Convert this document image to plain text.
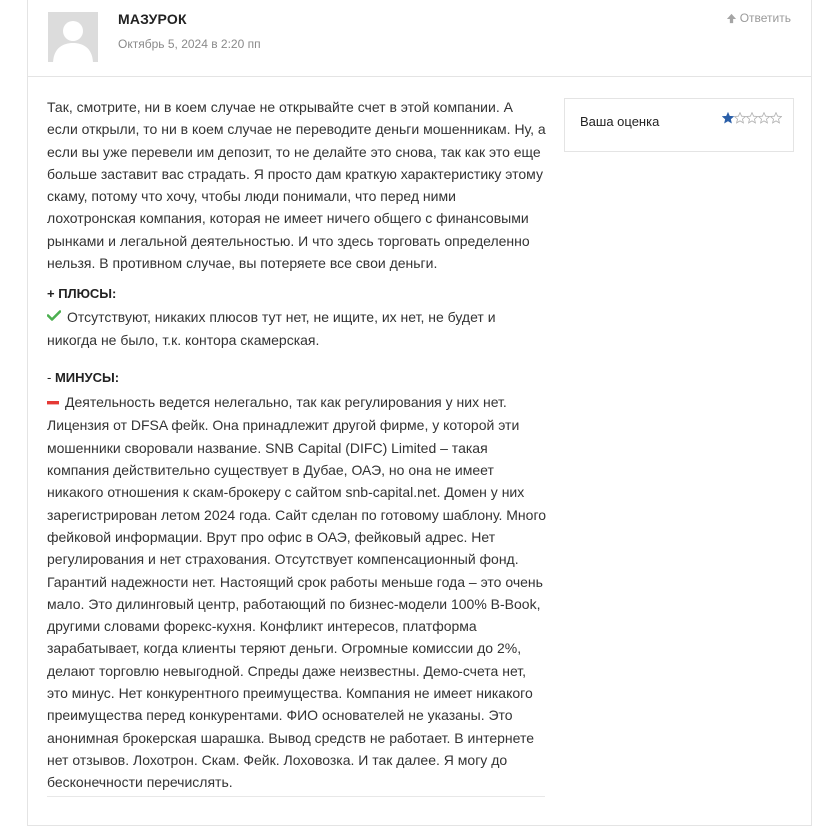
МАЗУРОК
Октябрь 5, 2024 в 2:20 пп
Ответить

Так, смотрите, ни в коем случае не открывайте счет в этой компании. А если открыли, то ни в коем случае не переводите деньги мошенникам. Ну, а если вы уже перевели им депозит, то не делайте это снова, так как это еще больше заставит вас страдать. Я просто дам краткую характеристику этому скаму, потому что хочу, чтобы люди понимали, что перед ними лохотронская компания, которая не имеет ничего общего с финансовыми рынками и легальной деятельностью. И что здесь торговать определенно нельзя. В противном случае, вы потеряете все свои деньги.

+ ПЛЮСЫ:

Отсутствуют, никаких плюсов тут нет, не ищите, их нет, не будет и никогда не было, т.к. контора скамерская.

- МИНУСЫ:

Деятельность ведется нелегально, так как регулирования у них нет. Лицензия от DFSA фейк. Она принадлежит другой фирме, у которой эти мошенники своровали название. SNB Capital (DIFC) Limited – такая компания действительно существует в Дубае, ОАЭ, но она не имеет никакого отношения к скам-брокеру с сайтом snb-capital.net. Домен у них зарегистрирован летом 2024 года. Сайт сделан по готовому шаблону. Много фейковой информации. Врут про офис в ОАЭ, фейковый адрес. Нет регулирования и нет страхования. Отсутствует компенсационный фонд. Гарантий надежности нет. Настоящий срок работы меньше года – это очень мало. Это дилинговый центр, работающий по бизнес-модели 100% B-Book, другими словами форекс-кухня. Конфликт интересов, платформа зарабатывает, когда клиенты теряют деньги. Огромные комиссии до 2%, делают торговлю невыгодной. Спреды даже неизвестны. Демо-счета нет, это минус. Нет конкурентного преимущества. Компания не имеет никакого преимущества перед конкурентами. ФИО основателей не указаны. Это анонимная брокерская шарашка. Вывод средств не работает. В интернете нет отзывов. Лохотрон. Скам. Фейк. Лоховозка. И так далее. Я могу до бесконечности перечислять.

Ваша оценка
